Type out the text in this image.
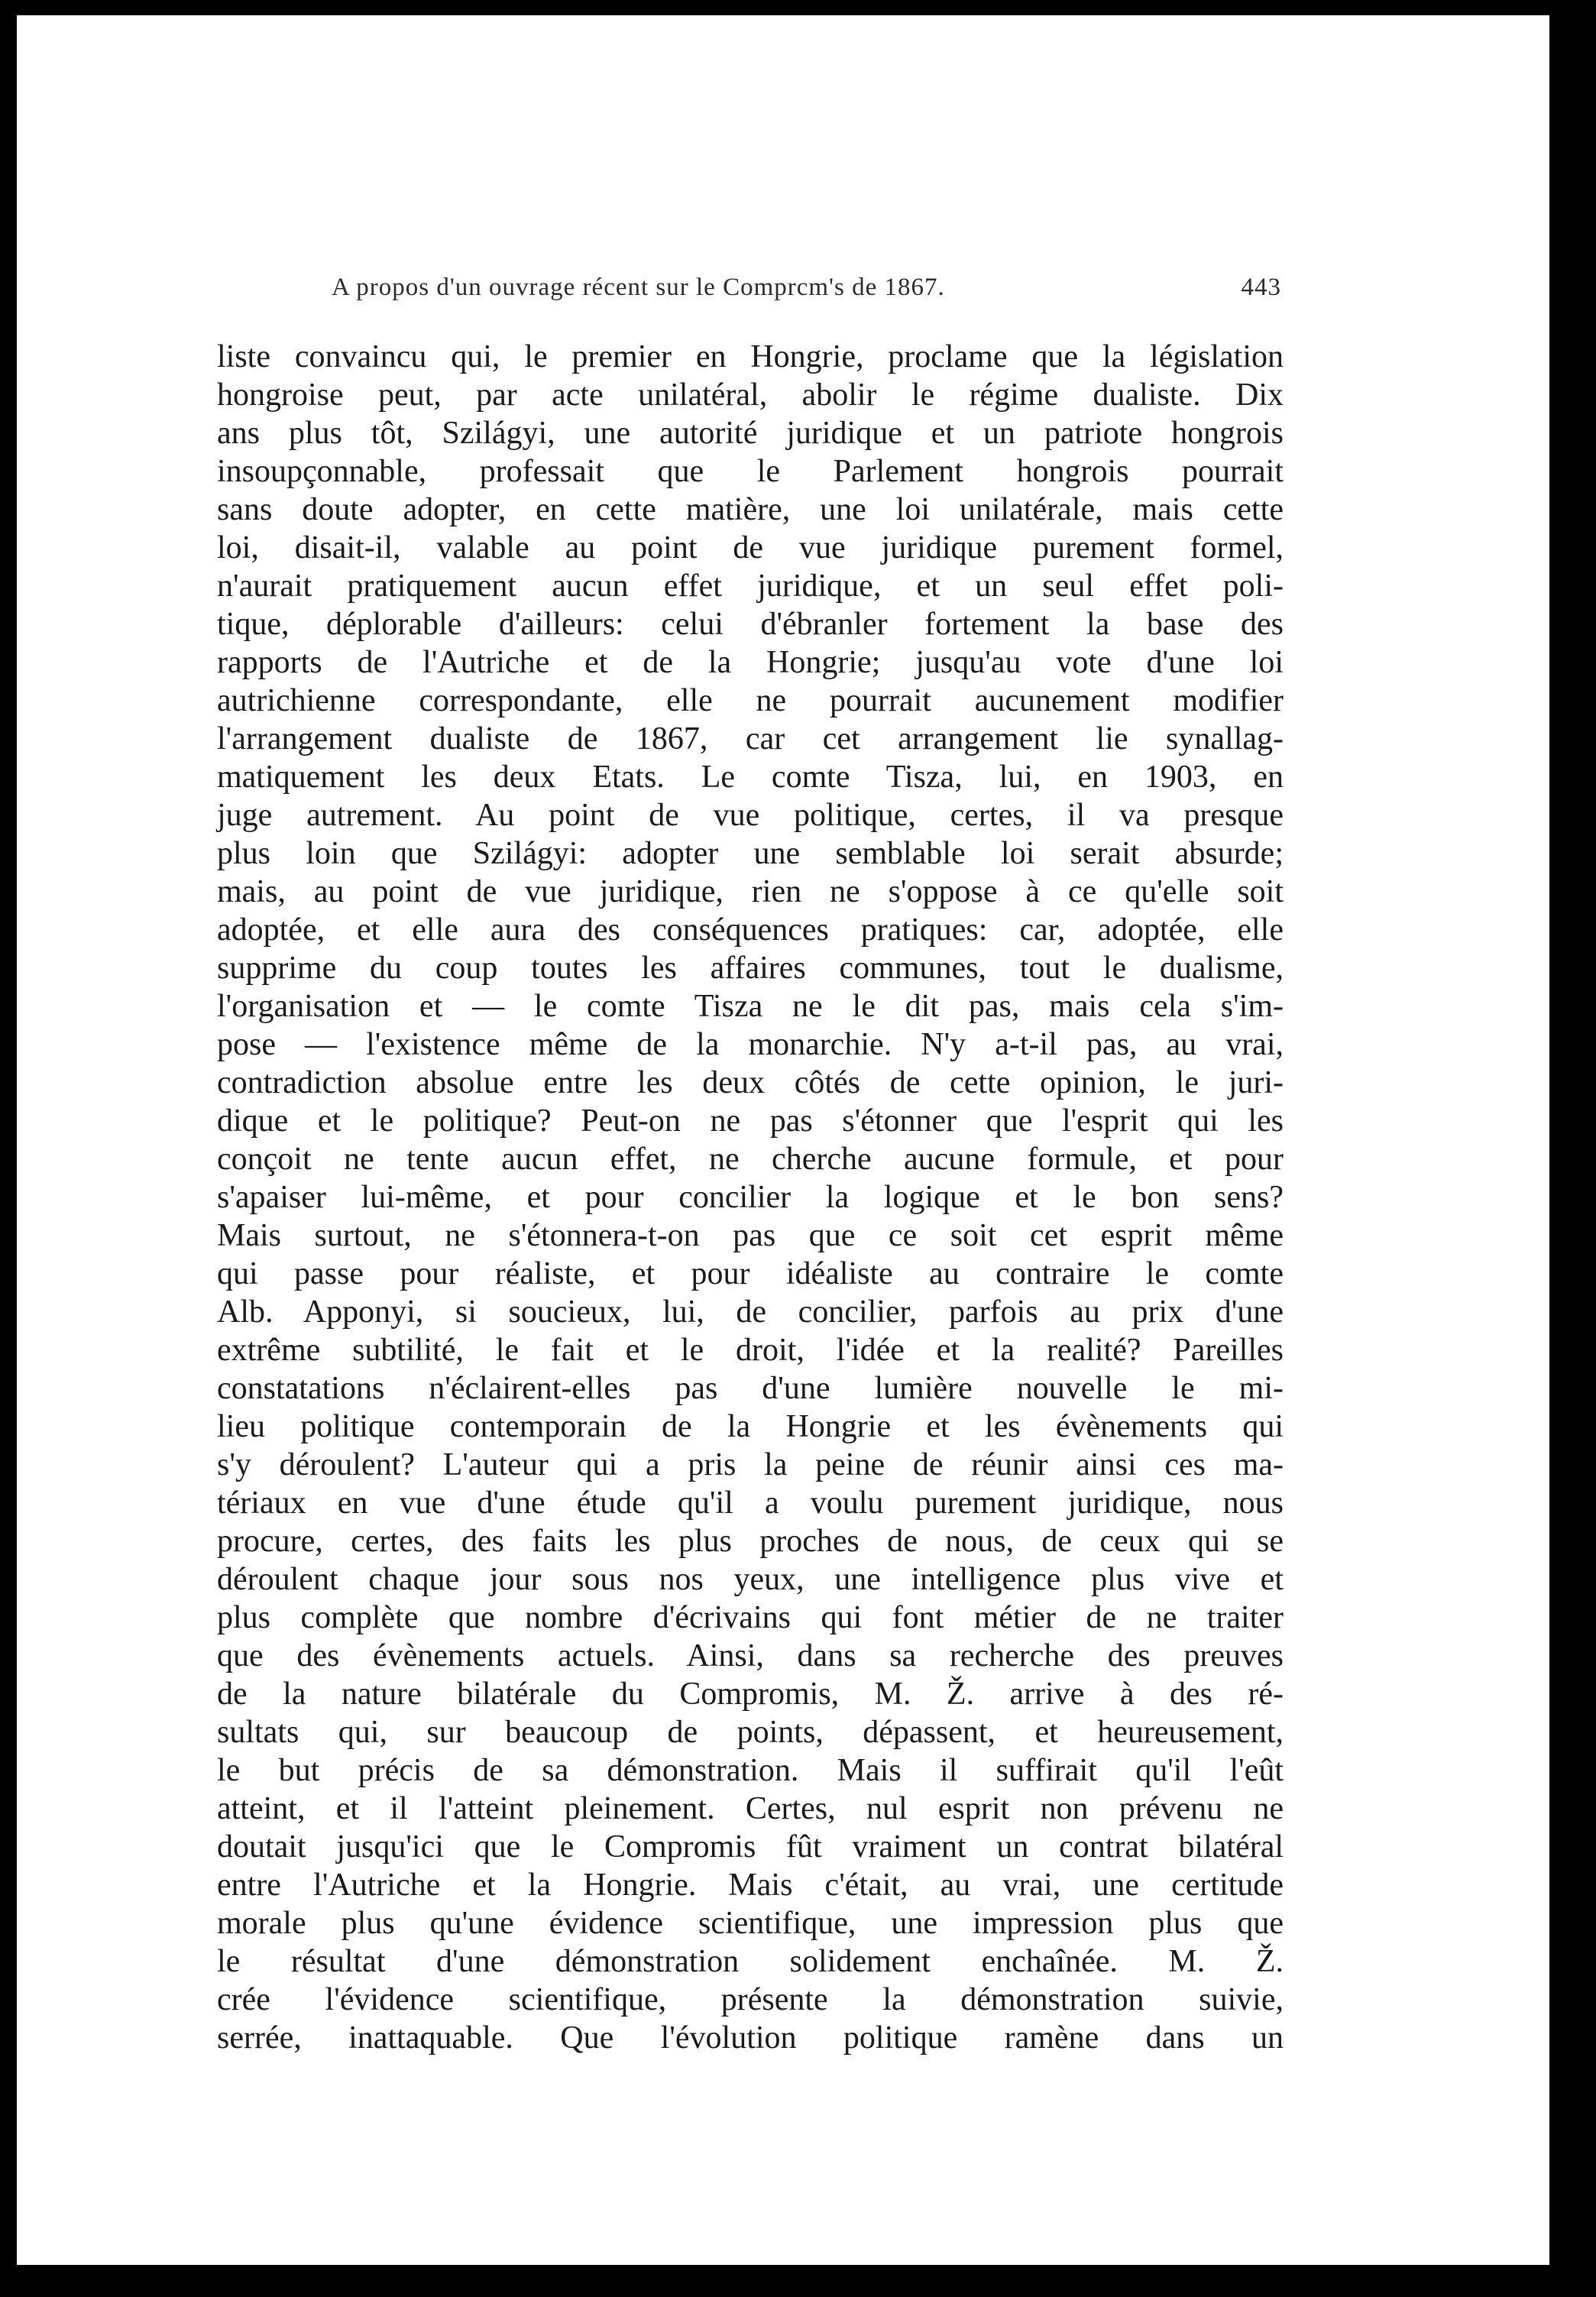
A propos d'un ouvrage récent sur le Comprcm's de 1867.	443
liste convaincu qui, le premier en Hongrie, proclame que la législation
hongroise peut, par acte unilatéral, abolir le régime dualiste. Dix
ans plus tôt, Szilágyi, une autorité juridique et un patriote hongrois
insoupçonnable, professait que le Parlement hongrois pourrait
sans doute adopter, en cette matière, une loi unilatérale, mais cette
loi, disait-il, valable au point de vue juridique purement formel,
n'aurait pratiquement aucun effet juridique, et un seul effet poli-
tique, déplorable d'ailleurs: celui d'ébranler fortement la base des
rapports de l'Autriche et de la Hongrie; jusqu'au vote d'une loi
autrichienne correspondante, elle ne pourrait aucunement modifier
l'arrangement dualiste de 1867, car cet arrangement lie synallag-
matiquement les deux Etats. Le comte Tisza, lui, en 1903, en
juge autrement. Au point de vue politique, certes, il va presque
plus loin que Szilágyi: adopter une semblable loi serait absurde;
mais, au point de vue juridique, rien ne s'oppose à ce qu'elle soit
adoptée, et elle aura des conséquences pratiques: car, adoptée, elle
supprime du coup toutes les affaires communes, tout le dualisme,
l'organisation et — le comte Tisza ne le dit pas, mais cela s'im-
pose — l'existence même de la monarchie. N'y a-t-il pas, au vrai,
contradiction absolue entre les deux côtés de cette opinion, le juri-
dique et le politique? Peut-on ne pas s'étonner que l'esprit qui les
conçoit ne tente aucun effet, ne cherche aucune formule, et pour
s'apaiser lui-même, et pour concilier la logique et le bon sens?
Mais surtout, ne s'étonnera-t-on pas que ce soit cet esprit même
qui passe pour réaliste, et pour idéaliste au contraire le comte
Alb. Apponyi, si soucieux, lui, de concilier, parfois au prix d'une
extrême subtilité, le fait et le droit, l'idée et la realité? Pareilles
constatations n'éclairent-elles pas d'une lumière nouvelle le mi-
lieu politique contemporain de la Hongrie et les évènements qui
s'y déroulent? L'auteur qui a pris la peine de réunir ainsi ces ma-
tériaux en vue d'une étude qu'il a voulu purement juridique, nous
procure, certes, des faits les plus proches de nous, de ceux qui se
déroulent chaque jour sous nos yeux, une intelligence plus vive et
plus complète que nombre d'écrivains qui font métier de ne traiter
que des évènements actuels. Ainsi, dans sa recherche des preuves
de la nature bilatérale du Compromis, M. Ž. arrive à des ré-
sultats qui, sur beaucoup de points, dépassent, et heureusement,
le but précis de sa démonstration. Mais il suffirait qu'il l'eût
atteint, et il l'atteint pleinement. Certes, nul esprit non prévenu ne
doutait jusqu'ici que le Compromis fût vraiment un contrat bilatéral
entre l'Autriche et la Hongrie. Mais c'était, au vrai, une certitude
morale plus qu'une évidence scientifique, une impression plus que
le résultat d'une démonstration solidement enchaînée. M. Ž.
crée l'évidence scientifique, présente la démonstration suivie,
serrée, inattaquable. Que l'évolution politique ramène dans un
